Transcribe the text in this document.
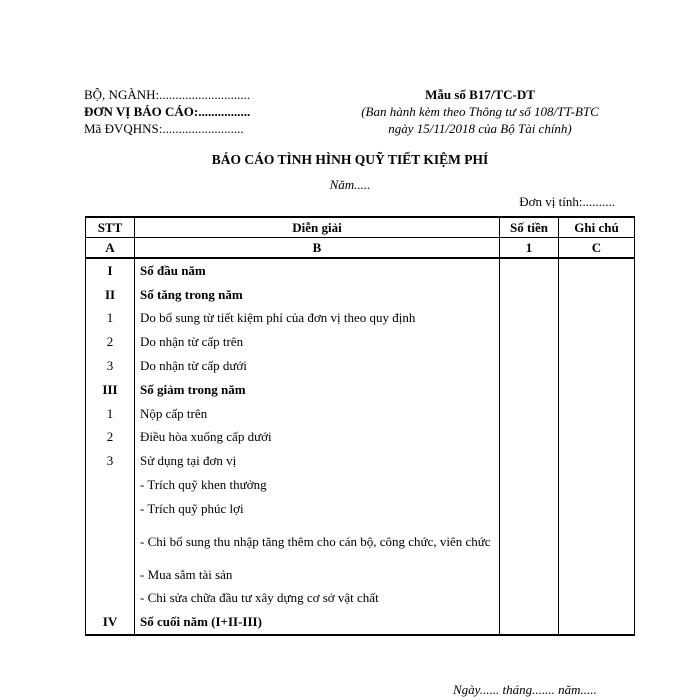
BỘ, NGÀNH:............................
ĐƠN VỊ BÁO CÁO:................
Mã ĐVQHNS:.........................
Mẫu số B17/TC-DT
(Ban hành kèm theo Thông tư số 108/TT-BTC
ngày 15/11/2018 của Bộ Tài chính)
BÁO CÁO TÌNH HÌNH QUỸ TIẾT KIỆM PHÍ
Năm.....
Đơn vị tính:..........
STT	Diễn giải	Số tiền	Ghi chú
A	B	1	C
I	Số đầu năm		
II	Số tăng trong năm		
1	Do bổ sung từ tiết kiệm phí của đơn vị theo quy định		
2	Do nhận từ cấp trên		
3	Do nhận từ cấp dưới		
III	Số giảm trong năm		
1	Nộp cấp trên		
2	Điều hòa xuống cấp dưới		
3	Sử dụng tại đơn vị		
	- Trích quỹ khen thưởng		
	- Trích quỹ phúc lợi		
	- Chi bổ sung thu nhập tăng thêm cho cán bộ, công chức, viên chức		
	- Mua sắm tài sản		
	- Chi sửa chữa đầu tư xây dựng cơ sở vật chất		
IV	Số cuối năm (I+II-III)		
Ngày...... tháng....... năm.....
